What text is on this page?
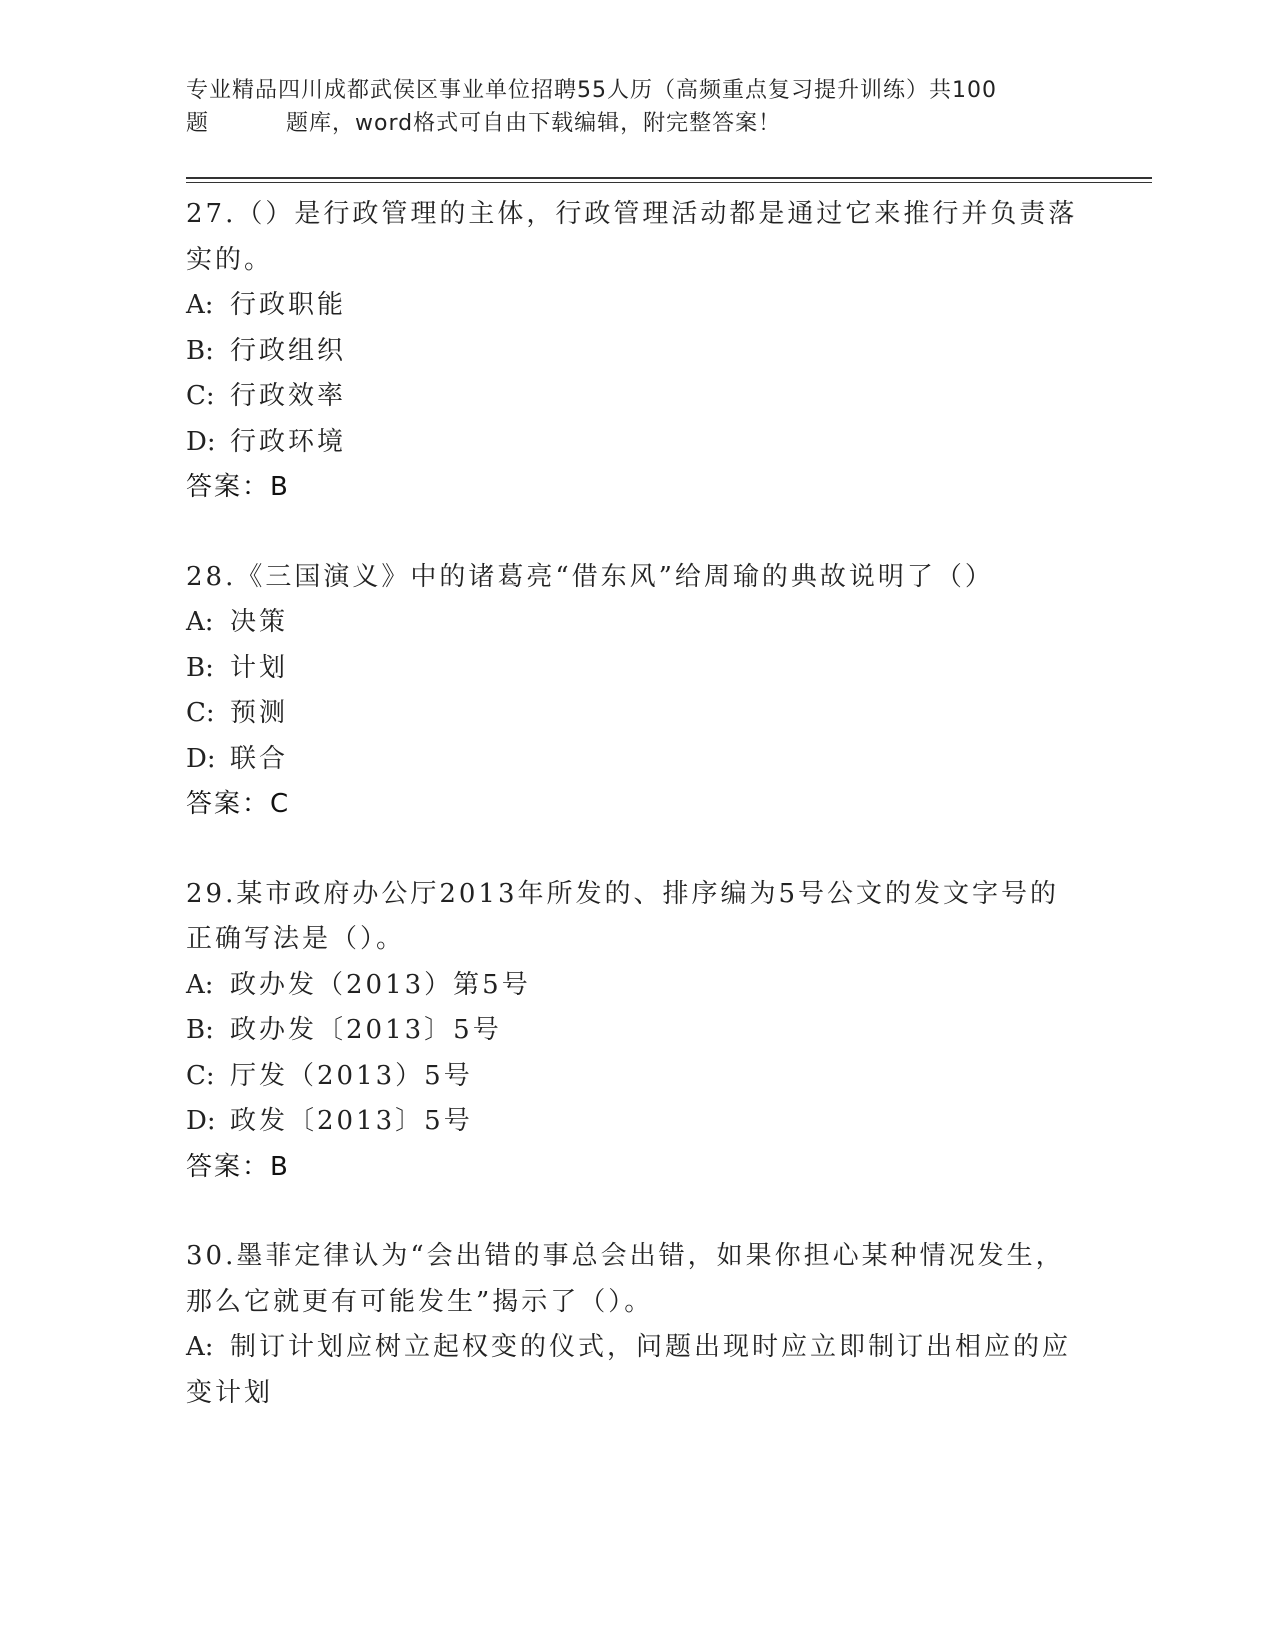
专业精品四川成都武侯区事业单位招聘55人历（高频重点复习提升训练）共100
题	题库，word格式可自由下载编辑，附完整答案！
27.（）是行政管理的主体，行政管理活动都是通过它来推行并负责落
实的。
A: 行政职能
B: 行政组织
C: 行政效率
D: 行政环境
答案：B
28.《三国演义》中的诸葛亮“借东风”给周瑜的典故说明了（）
A: 决策
B: 计划
C: 预测
D: 联合
答案：C
29.某市政府办公厅2013年所发的、排序编为5号公文的发文字号的
正确写法是（）。
A: 政办发（2013）第5号
B: 政办发〔2013〕5号
C: 厅发（2013）5号
D: 政发〔2013〕5号
答案：B
30.墨菲定律认为“会出错的事总会出错，如果你担心某种情况发生，
那么它就更有可能发生”揭示了（）。
A: 制订计划应树立起权变的仪式，问题出现时应立即制订出相应的应
变计划
